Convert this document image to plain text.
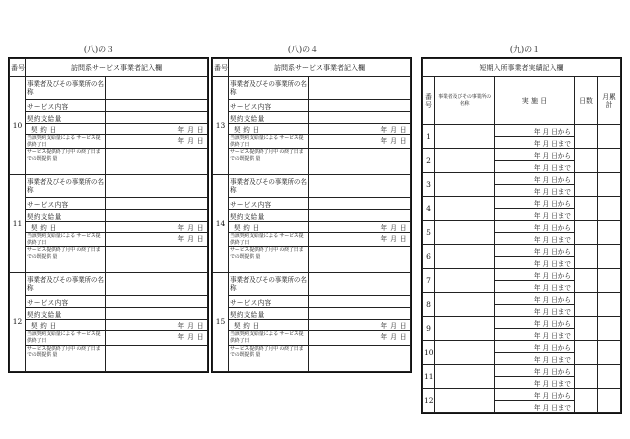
(八)の３	(八)の４	(九)の１
番号	訪問系サービス事業者記入欄	
10	事業者及びその事業所の名称	
	サービス内容	
	契約支給量	
	契 約 日	年 月 日
	当該契約支給量による サービス提供終了日	年 月 日
	サービス提供終了月中 の終了日までの既提供 量	
11	事業者及びその事業所の名称	
	サービス内容	
	契約支給量	
	契 約 日	年 月 日
	当該契約支給量による サービス提供終了日	年 月 日
	サービス提供終了月中 の終了日までの既提供 量	
12	事業者及びその事業所の名称	
	サービス内容	
	契約支給量	
	契 約 日	年 月 日
	当該契約支給量による サービス提供終了日	年 月 日
	サービス提供終了月中 の終了日までの既提供 量	
番号	訪問系サービス事業者記入欄	
13	事業者及びその事業所の名称	
	サービス内容	
	契約支給量	
	契 約 日	年 月 日
	当該契約支給量による サービス提供終了日	年 月 日
	サービス提供終了月中 の終了日までの既提供 量	
14	事業者及びその事業所の名称	
	サービス内容	
	契約支給量	
	契 約 日	年 月 日
	当該契約支給量による サービス提供終了日	年 月 日
	サービス提供終了月中 の終了日までの既提供 量	
15	事業者及びその事業所の名称	
	サービス内容	
	契約支給量	
	契 約 日	年 月 日
	当該契約支給量による サービス提供終了日	年 月 日
	サービス提供終了月中 の終了日までの既提供 量	
短期入所事業者実績記入欄				
番号	事業者及びその事業所の名称	実 施 日	日数	月累計
1		年 月 日から		
		年 月 日まで		
2		年 月 日から		
		年 月 日まで		
3		年 月 日から		
		年 月 日まで		
4		年 月 日から		
		年 月 日まで		
5		年 月 日から		
		年 月 日まで		
6		年 月 日から		
		年 月 日まで		
7		年 月 日から		
		年 月 日まで		
8		年 月 日から		
		年 月 日まで		
9		年 月 日から		
		年 月 日まで		
10		年 月 日から		
		年 月 日まで		
11		年 月 日から		
		年 月 日まで		
12		年 月 日から		
		年 月 日まで		
